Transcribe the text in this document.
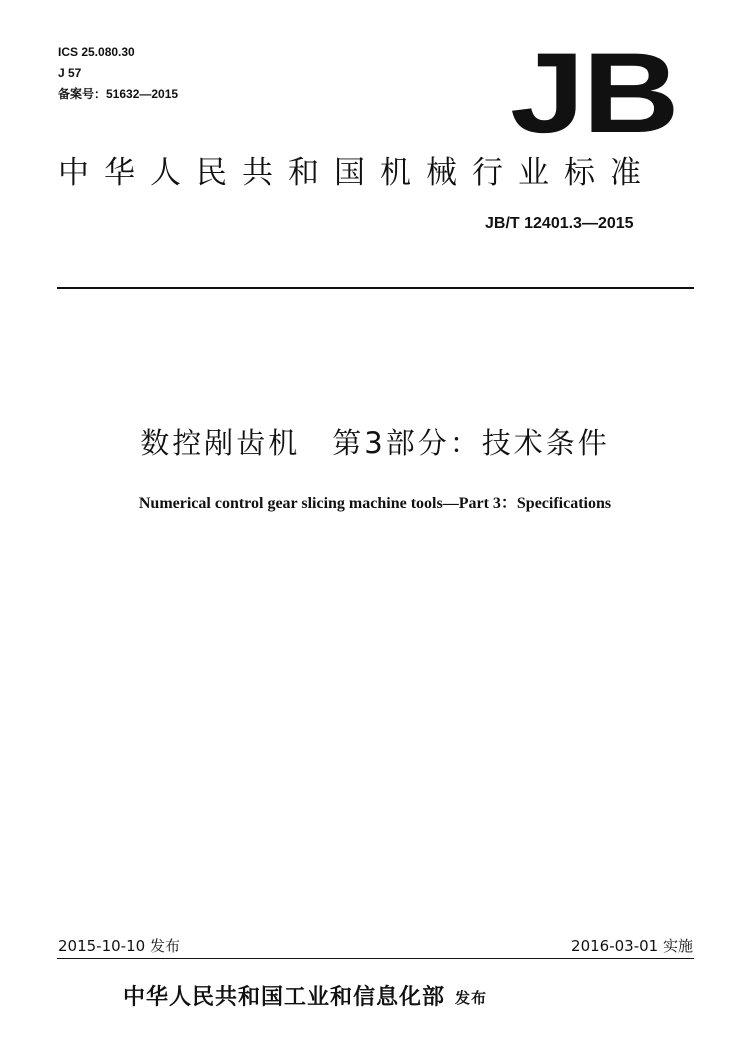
ICS 25.080.30
J 57
备案号：51632—2015	JB
中华人民共和国机械行业标准
JB/T 12401.3—2015
数控剐齿机　第3部分：技术条件
Numerical control gear slicing machine tools—Part 3：Specifications
2015-10-10 发布	2016-03-01 实施
中华人民共和国工业和信息化部 发布
